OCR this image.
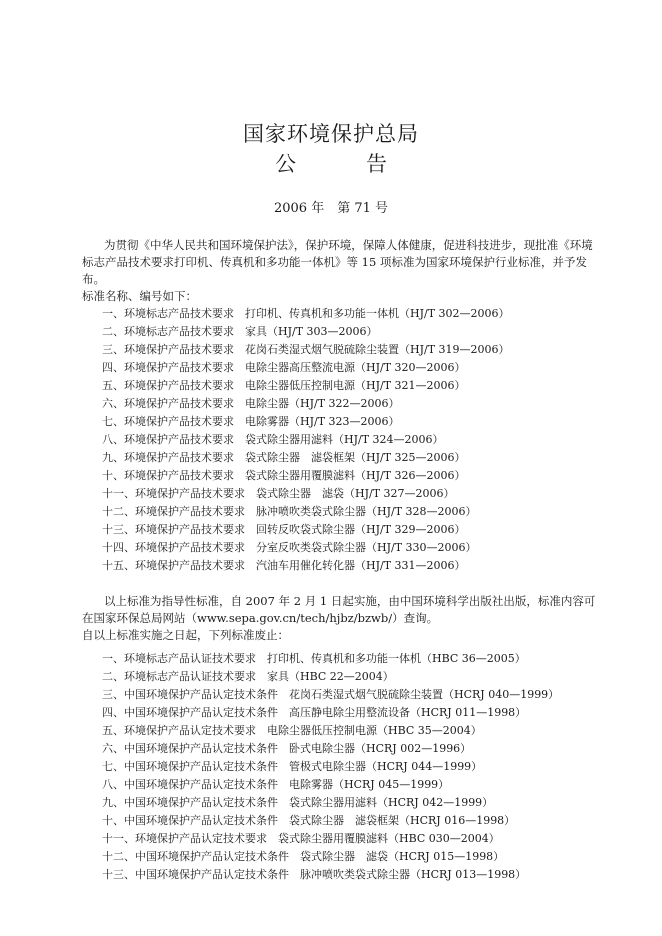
国家环境保护总局
公	告
2006 年　第 71 号
为贯彻《中华人民共和国环境保护法》，保护环境，保障人体健康，促进科技进步，现批准《环境标志产品技术要求打印机、传真机和多功能一体机》等 15 项标准为国家环境保护行业标准，并予发布。
标准名称、编号如下：
一、环境标志产品技术要求　打印机、传真机和多功能一体机（HJ/T 302—2006）
二、环境标志产品技术要求　家具（HJ/T 303—2006）
三、环境保护产品技术要求　花岗石类湿式烟气脱硫除尘装置（HJ/T 319—2006）
四、环境保护产品技术要求　电除尘器高压整流电源（HJ/T 320—2006）
五、环境保护产品技术要求　电除尘器低压控制电源（HJ/T 321—2006）
六、环境保护产品技术要求　电除尘器（HJ/T 322—2006）
七、环境保护产品技术要求　电除雾器（HJ/T 323—2006）
八、环境保护产品技术要求　袋式除尘器用滤料（HJ/T 324—2006）
九、环境保护产品技术要求　袋式除尘器　滤袋框架（HJ/T 325—2006）
十、环境保护产品技术要求　袋式除尘器用覆膜滤料（HJ/T 326—2006）
十一、环境保护产品技术要求　袋式除尘器　滤袋（HJ/T 327—2006）
十二、环境保护产品技术要求　脉冲喷吹类袋式除尘器（HJ/T 328—2006）
十三、环境保护产品技术要求　回转反吹袋式除尘器（HJ/T 329—2006）
十四、环境保护产品技术要求　分室反吹类袋式除尘器（HJ/T 330—2006）
十五、环境保护产品技术要求　汽油车用催化转化器（HJ/T 331—2006）
以上标准为指导性标准，自 2007 年 2 月 1 日起实施，由中国环境科学出版社出版，标准内容可在国家环保总局网站（www.sepa.gov.cn/tech/hjbz/bzwb/）查询。
自以上标准实施之日起，下列标准废止：
一、环境标志产品认证技术要求　打印机、传真机和多功能一体机（HBC 36—2005）
二、环境标志产品认证技术要求　家具（HBC 22—2004）
三、中国环境保护产品认定技术条件　花岗石类湿式烟气脱硫除尘装置（HCRJ 040—1999）
四、中国环境保护产品认定技术条件　高压静电除尘用整流设备（HCRJ 011—1998）
五、环境保护产品认定技术要求　电除尘器低压控制电源（HBC 35—2004）
六、中国环境保护产品认定技术条件　卧式电除尘器（HCRJ 002—1996）
七、中国环境保护产品认定技术条件　管极式电除尘器（HCRJ 044—1999）
八、中国环境保护产品认定技术条件　电除雾器（HCRJ 045—1999）
九、中国环境保护产品认定技术条件　袋式除尘器用滤料（HCRJ 042—1999）
十、中国环境保护产品认定技术条件　袋式除尘器　滤袋框架（HCRJ 016—1998）
十一、环境保护产品认定技术要求　袋式除尘器用覆膜滤料（HBC 030—2004）
十二、中国环境保护产品认定技术条件　袋式除尘器　滤袋（HCRJ 015—1998）
十三、中国环境保护产品认定技术条件　脉冲喷吹类袋式除尘器（HCRJ 013—1998）
